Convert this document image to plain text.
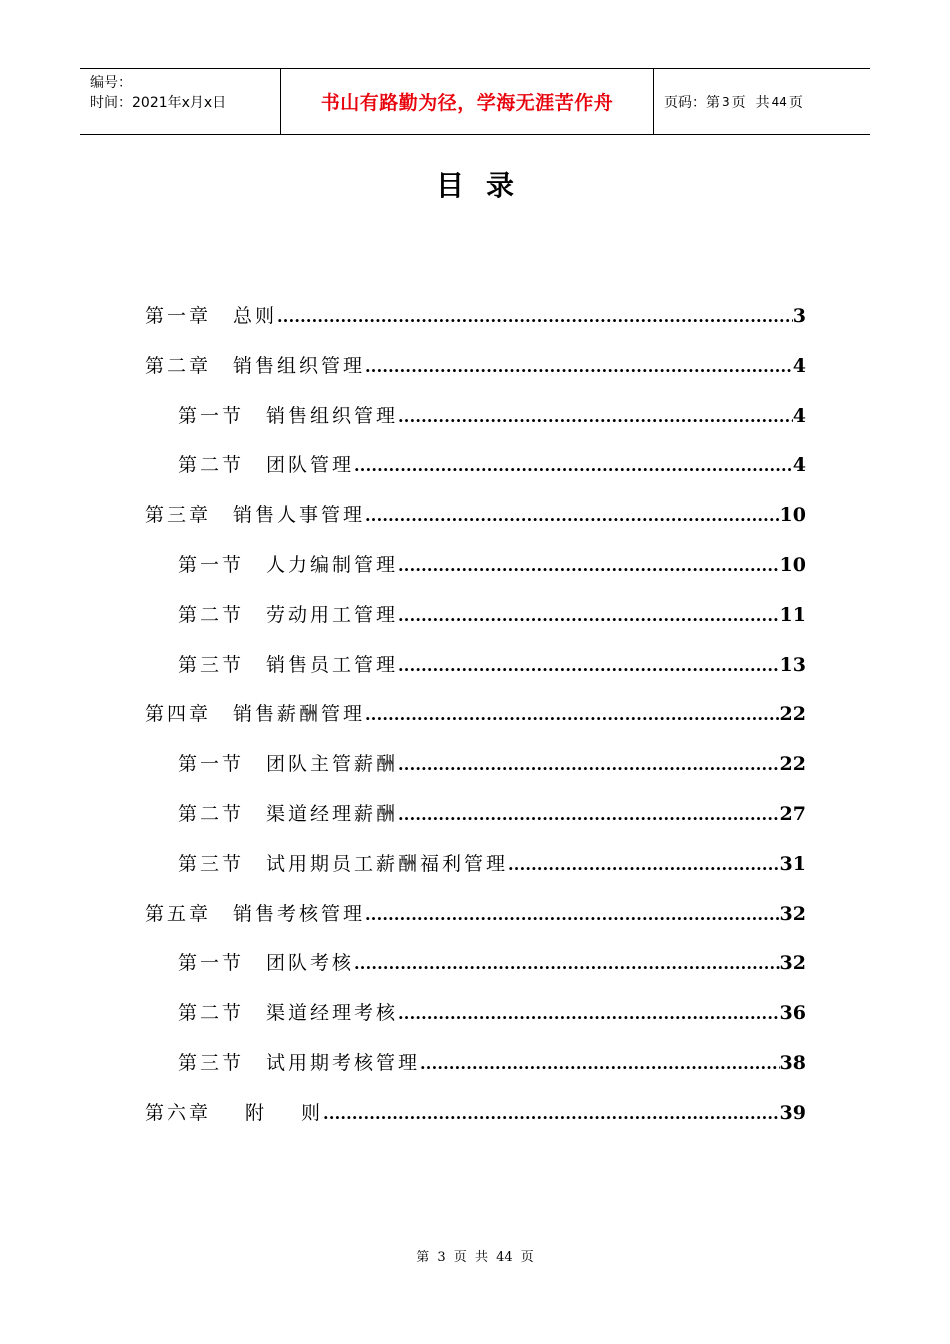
编号：
时间：2021年x月x日	书山有路勤为径，学海无涯苦作舟	页码：第 3 页 共 44 页
目录
第一章 总则 .....	3
第二章 销售组织管理 .....	4
第一节 销售组织管理 .....	4
第二节 团队管理 .....	4
第三章 销售人事管理 .....	10
第一节 人力编制管理 .....	10
第二节 劳动用工管理 .....	11
第三节 销售员工管理 .....	13
第四章 销售薪酬管理 .....	22
第一节 团队主管薪酬 .....	22
第二节 渠道经理薪酬 .....	27
第三节 试用期员工薪酬福利管理 .....	31
第五章 销售考核管理 .....	32
第一节 团队考核 .....	32
第二节 渠道经理考核 .....	36
第三节 试用期考核管理 .....	38
第六章	附 则 .....	39
第 3 页 共 44 页
